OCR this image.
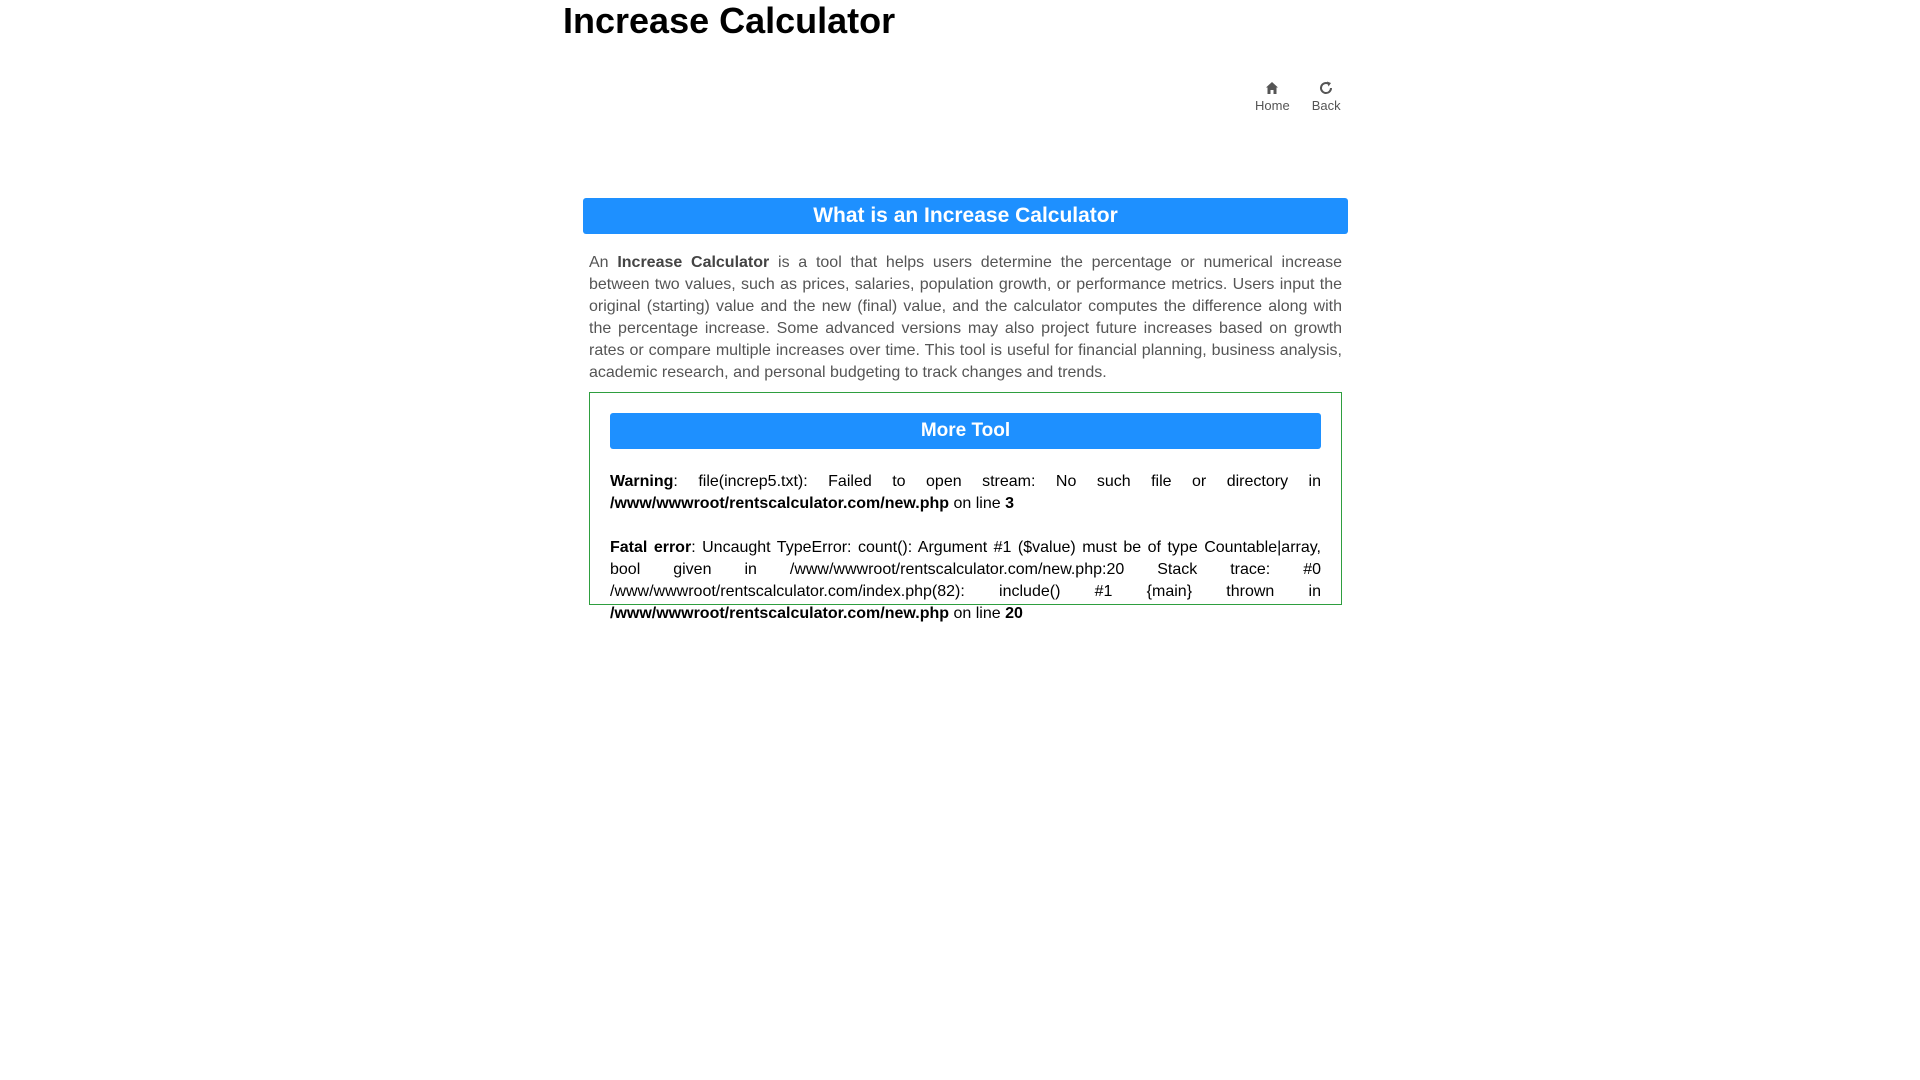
Increase Calculator
Home Back
What is an Increase Calculator

An Increase Calculator is a tool that helps users determine the percentage or numerical increase between two values, such as prices, salaries, population growth, or performance metrics. Users input the original (starting) value and the new (final) value, and the calculator computes the difference along with the percentage increase. Some advanced versions may also project future increases based on growth rates or compare multiple increases over time. This tool is useful for financial planning, business analysis, academic research, and personal budgeting to track changes and trends.

More Tool
Warning: file(increp5.txt): Failed to open stream: No such file or directory in /www/wwwroot/rentscalculator.com/new.php on line 3
Fatal error: Uncaught TypeError: count(): Argument #1 ($value) must be of type Countable|array, bool given in /www/wwwroot/rentscalculator.com/new.php:20 Stack trace: #0 /www/wwwroot/rentscalculator.com/index.php(82): include() #1 {main} thrown in /www/wwwroot/rentscalculator.com/new.php on line 20
